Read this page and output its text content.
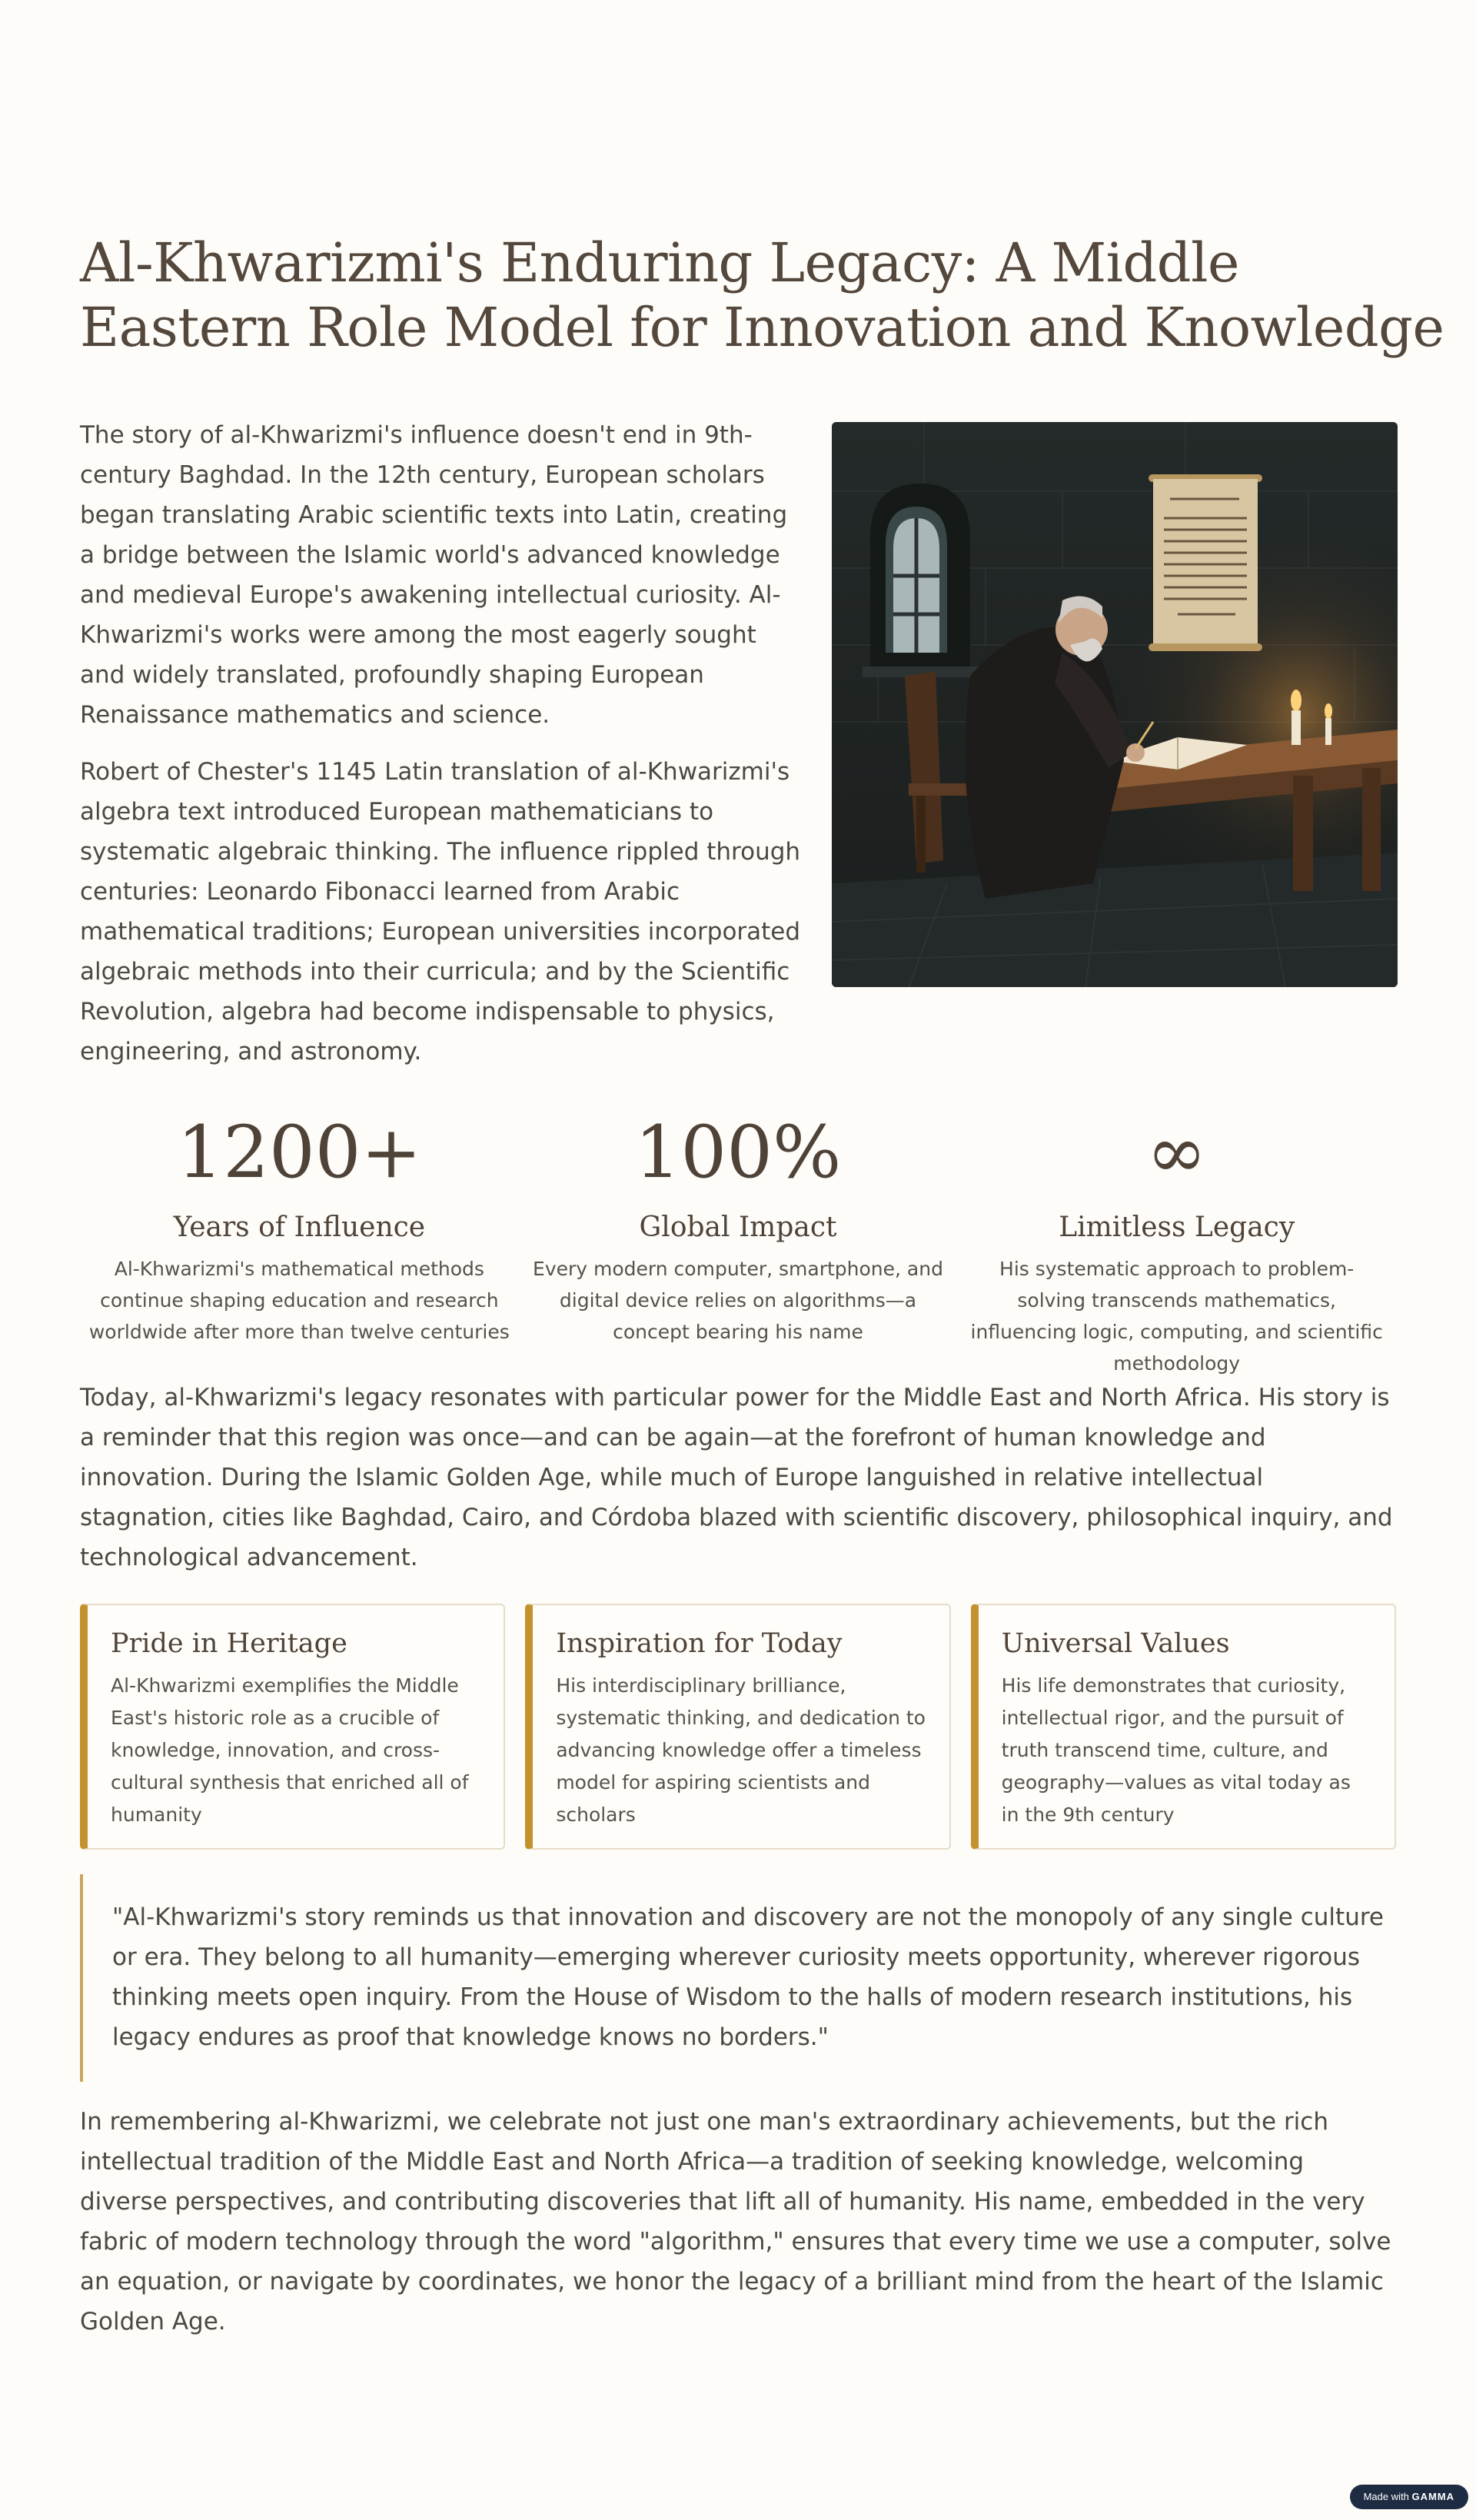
Al-Khwarizmi's Enduring Legacy: A Middle Eastern Role Model for Innovation and Knowledge

The story of al-Khwarizmi's influence doesn't end in 9th-century Baghdad. In the 12th century, European scholars began translating Arabic scientific texts into Latin, creating a bridge between the Islamic world's advanced knowledge and medieval Europe's awakening intellectual curiosity. Al-Khwarizmi's works were among the most eagerly sought and widely translated, profoundly shaping European Renaissance mathematics and science.

Robert of Chester's 1145 Latin translation of al-Khwarizmi's algebra text introduced European mathematicians to systematic algebraic thinking. The influence rippled through centuries: Leonardo Fibonacci learned from Arabic mathematical traditions; European universities incorporated algebraic methods into their curricula; and by the Scientific Revolution, algebra had become indispensable to physics, engineering, and astronomy.

1200+
Years of Influence
Al-Khwarizmi's mathematical methods continue shaping education and research worldwide after more than twelve centuries
100%
Global Impact
Every modern computer, smartphone, and digital device relies on algorithms—a concept bearing his name
∞
Limitless Legacy
His systematic approach to problem-solving transcends mathematics, influencing logic, computing, and scientific methodology

Today, al-Khwarizmi's legacy resonates with particular power for the Middle East and North Africa. His story is a reminder that this region was once—and can be again—at the forefront of human knowledge and innovation. During the Islamic Golden Age, while much of Europe languished in relative intellectual stagnation, cities like Baghdad, Cairo, and Córdoba blazed with scientific discovery, philosophical inquiry, and technological advancement.

Pride in Heritage
Al-Khwarizmi exemplifies the Middle East's historic role as a crucible of knowledge, innovation, and cross-cultural synthesis that enriched all of humanity
Inspiration for Today
His interdisciplinary brilliance, systematic thinking, and dedication to advancing knowledge offer a timeless model for aspiring scientists and scholars
Universal Values
His life demonstrates that curiosity, intellectual rigor, and the pursuit of truth transcend time, culture, and geography—values as vital today as in the 9th century
"Al-Khwarizmi's story reminds us that innovation and discovery are not the monopoly of any single culture or era. They belong to all humanity—emerging wherever curiosity meets opportunity, wherever rigorous thinking meets open inquiry. From the House of Wisdom to the halls of modern research institutions, his legacy endures as proof that knowledge knows no borders."

In remembering al-Khwarizmi, we celebrate not just one man's extraordinary achievements, but the rich intellectual tradition of the Middle East and North Africa—a tradition of seeking knowledge, welcoming diverse perspectives, and contributing discoveries that lift all of humanity. His name, embedded in the very fabric of modern technology through the word "algorithm," ensures that every time we use a computer, solve an equation, or navigate by coordinates, we honor the legacy of a brilliant mind from the heart of the Islamic Golden Age.

Made with GAMMA
